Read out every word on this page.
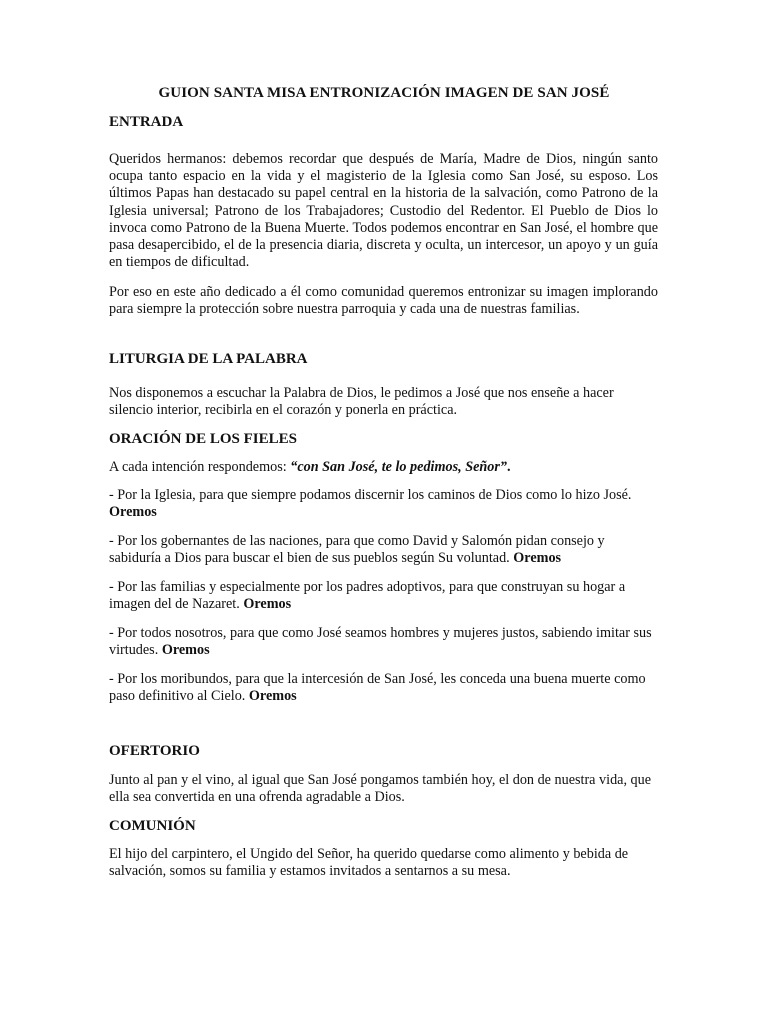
GUION SANTA MISA ENTRONIZACIÓN IMAGEN DE SAN JOSÉ
ENTRADA

Queridos hermanos: debemos recordar que después de María, Madre de Dios, ningún santo ocupa tanto espacio en la vida y el magisterio de la Iglesia como San José, su esposo. Los últimos Papas han destacado su papel central en la historia de la salvación, como Patrono de la Iglesia universal; Patrono de los Trabajadores; Custodio del Redentor. El Pueblo de Dios lo invoca como Patrono de la Buena Muerte. Todos podemos encontrar en San José, el hombre que pasa desapercibido, el de la presencia diaria, discreta y oculta, un intercesor, un apoyo y un guía en tiempos de dificultad.

Por eso en este año dedicado a él como comunidad queremos entronizar su imagen implorando para siempre la protección sobre nuestra parroquia y cada una de nuestras familias.

LITURGIA DE LA PALABRA

Nos disponemos a escuchar la Palabra de Dios, le pedimos a José que nos enseñe a hacer silencio interior, recibirla en el corazón y ponerla en práctica.

ORACIÓN DE LOS FIELES

A cada intención respondemos: “con San José, te lo pedimos, Señor”.

- Por la Iglesia, para que siempre podamos discernir los caminos de Dios como lo hizo José. Oremos

- Por los gobernantes de las naciones, para que como David y Salomón pidan consejo y sabiduría a Dios para buscar el bien de sus pueblos según Su voluntad. Oremos

- Por las familias y especialmente por los padres adoptivos, para que construyan su hogar a imagen del de Nazaret. Oremos

- Por todos nosotros, para que como José seamos hombres y mujeres justos, sabiendo imitar sus virtudes. Oremos

- Por los moribundos, para que la intercesión de San José, les conceda una buena muerte como paso definitivo al Cielo. Oremos

OFERTORIO

Junto al pan y el vino, al igual que San José pongamos también hoy, el don de nuestra vida, que ella sea convertida en una ofrenda agradable a Dios.

COMUNIÓN

El hijo del carpintero, el Ungido del Señor, ha querido quedarse como alimento y bebida de salvación, somos su familia y estamos invitados a sentarnos a su mesa.
